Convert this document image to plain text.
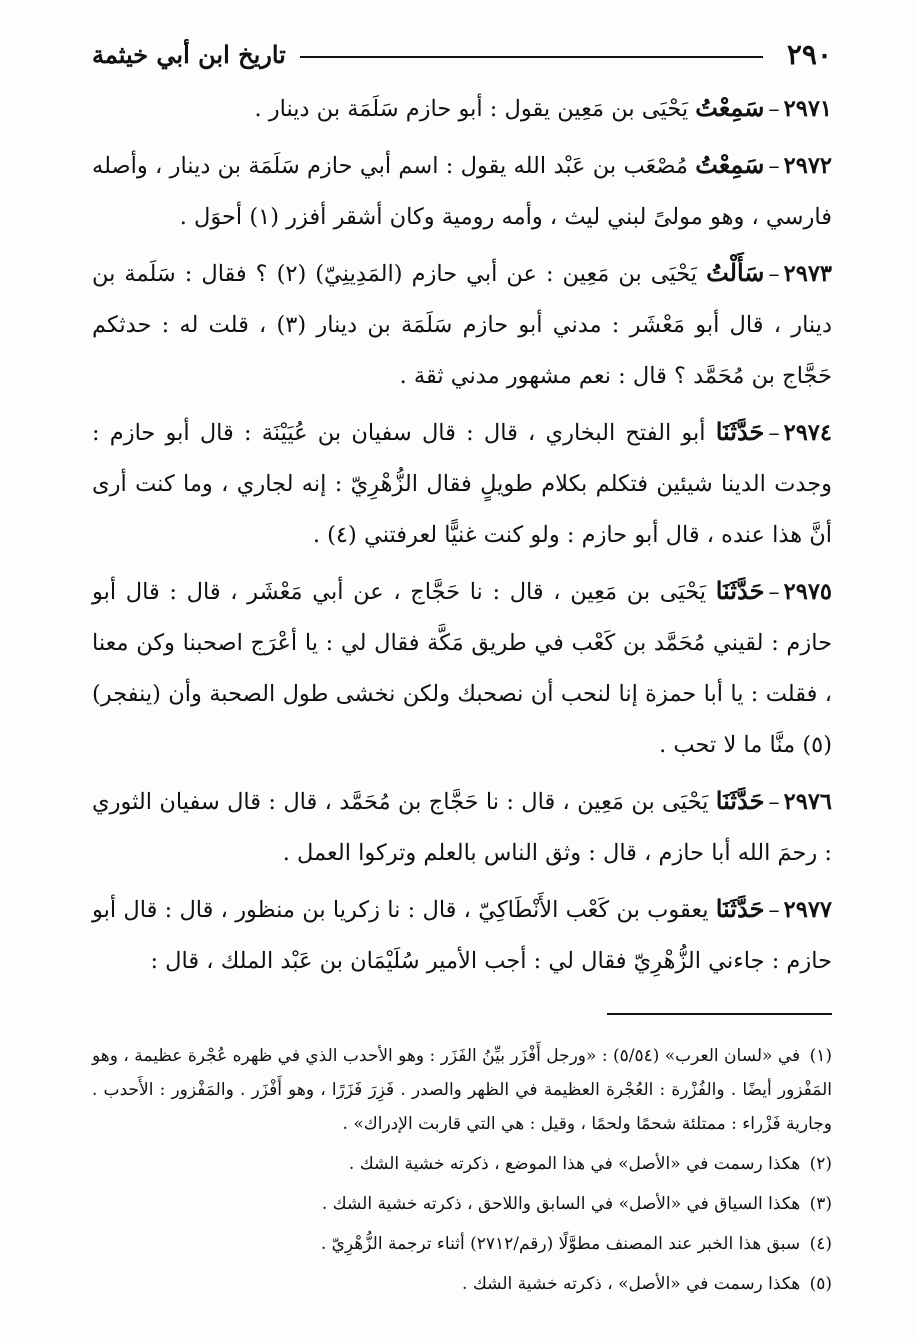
٢٩٠
تاريخ ابن أبي خيثمة

٢٩٧١–سَمِعْتُ يَحْيَى بن مَعِين يقول : أبو حازم سَلَمَة بن دينار .

٢٩٧٢–سَمِعْتُ مُصْعَب بن عَبْد الله يقول : اسم أبي حازم سَلَمَة بن دينار ، وأصله فارسي ، وهو مولىً لبني ليث ، وأمه رومية وكان أشقر أفزر (١) أحوَل .

٢٩٧٣–سَأَلْتُ يَحْيَى بن مَعِين : عن أبي حازم (المَدِينِيّ) (٢) ؟ فقال : سَلَمة بن دينار ، قال أبو مَعْشَر : مدني أبو حازم سَلَمَة بن دينار (٣) ، قلت له : حدثكم حَجَّاج بن مُحَمَّد ؟ قال : نعم مشهور مدني ثقة .

٢٩٧٤–حَدَّثَنَا أبو الفتح البخاري ، قال : قال سفيان بن عُيَيْنَة : قال أبو حازم : وجدت الدينا شيئين فتكلم بكلام طويلٍ فقال الزُّهْرِيّ : إنه لجاري ، وما كنت أرى أنَّ هذا عنده ، قال أبو حازم : ولو كنت غنيًّا لعرفتني (٤) .

٢٩٧٥–حَدَّثَنَا يَحْيَى بن مَعِين ، قال : نا حَجَّاج ، عن أبي مَعْشَر ، قال : قال أبو حازم : لقيني مُحَمَّد بن كَعْب في طريق مَكَّة فقال لي : يا أعْرَج اصحبنا وكن معنا ، فقلت : يا أبا حمزة إنا لنحب أن نصحبك ولكن نخشى طول الصحبة وأن (ينفجر) (٥) منَّا ما لا تحب .

٢٩٧٦–حَدَّثَنَا يَحْيَى بن مَعِين ، قال : نا حَجَّاج بن مُحَمَّد ، قال : قال سفيان الثوري : رحمَ الله أبا حازم ، قال : وثق الناس بالعلم وتركوا العمل .

٢٩٧٧–حَدَّثَنَا يعقوب بن كَعْب الأَنْطَاكِيّ ، قال : نا زكريا بن منظور ، قال : قال أبو حازم : جاءني الزُّهْرِيّ فقال لي : أجب الأمير سُلَيْمَان بن عَبْد الملك ، قال :

(١) في «لسان العرب» (٥/٥٤) : «ورجل أَفْزَر بيِّنُ الفَزَر : وهو الأحدب الذي في ظهره عُجْرة عظيمة ، وهو المَفْزور أيضًا . والفُزْرة : العُجْرة العظيمة في الظهر والصدر . فَزِرَ فَزَرًا ، وهو أَفْزَر . والمَفْزور : الأَحدب . وجارية فَزْراء : ممتلئة شحمًا ولحمًا ، وقيل : هي التي قاربت الإدراك» .

(٢) هكذا رسمت في «الأصل» في هذا الموضع ، ذكرته خشية الشك .

(٣) هكذا السياق في «الأصل» في السابق واللاحق ، ذكرته خشية الشك .

(٤) سبق هذا الخبر عند المصنف مطوَّلًا (رقم/٢٧١٢) أثناء ترجمة الزُّهْرِيّ .

(٥) هكذا رسمت في «الأصل» ، ذكرته خشية الشك .
